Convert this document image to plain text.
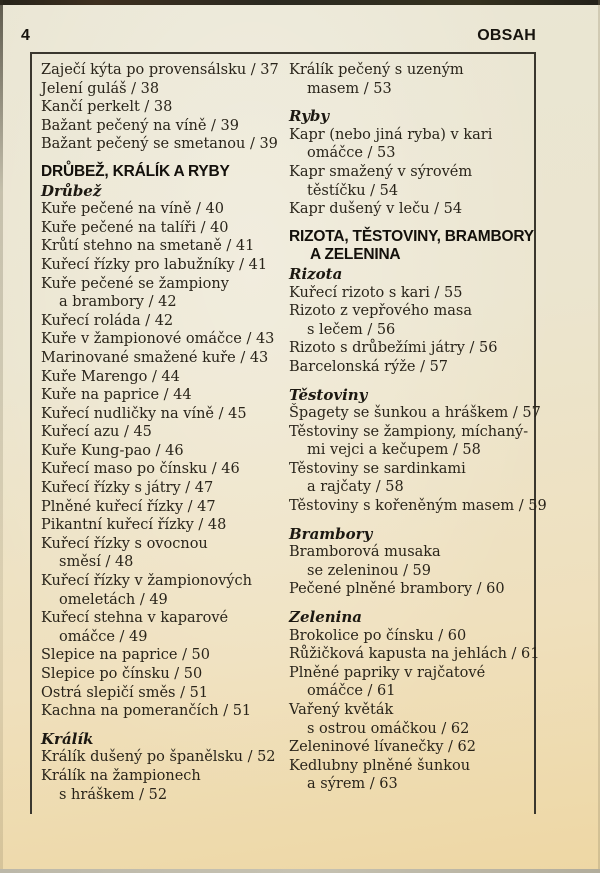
4	OBSAH
Zaječí kýta po provensálsku / 37
Jelení guláš / 38
Kančí perkelt / 38
Bažant pečený na víně / 39
Bažant pečený se smetanou / 39
DRŮBEŽ, KRÁLÍK A RYBY
Drůbež
Kuře pečené na víně / 40
Kuře pečené na talíři / 40
Krůtí stehno na smetaně / 41
Kuřecí řízky pro labužníky / 41
Kuře pečené se žampiony
a brambory / 42
Kuřecí roláda / 42
Kuře v žampionové omáčce / 43
Marinované smažené kuře / 43
Kuře Marengo / 44
Kuře na paprice / 44
Kuřecí nudličky na víně / 45
Kuřecí azu / 45
Kuře Kung-pao / 46
Kuřecí maso po čínsku / 46
Kuřecí řízky s játry / 47
Plněné kuřecí řízky / 47
Pikantní kuřecí řízky / 48
Kuřecí řízky s ovocnou
směsí / 48
Kuřecí řízky v žampionových
omeletách / 49
Kuřecí stehna v kaparové
omáčce / 49
Slepice na paprice / 50
Slepice po čínsku / 50
Ostrá slepičí směs / 51
Kachna na pomerančích / 51
Králík
Králík dušený po španělsku / 52
Králík na žampionech
s hráškem / 52
Králík pečený s uzeným
masem / 53
Ryby
Kapr (nebo jiná ryba) v kari
omáčce / 53
Kapr smažený v sýrovém
těstíčku / 54
Kapr dušený v leču / 54
RIZOTA, TĚSTOVINY, BRAMBORY
A ZELENINA
Rizota
Kuřecí rizoto s kari / 55
Rizoto z vepřového masa
s lečem / 56
Rizoto s drůbežími játry / 56
Barcelonská rýže / 57
Těstoviny
Špagety se šunkou a hráškem / 57
Těstoviny se žampiony, míchaný-
mi vejci a kečupem / 58
Těstoviny se sardinkami
a rajčaty / 58
Těstoviny s kořeněným masem / 59
Brambory
Bramborová musaka
se zeleninou / 59
Pečené plněné brambory / 60
Zelenina
Brokolice po čínsku / 60
Růžičková kapusta na jehlách / 61
Plněné papriky v rajčatové
omáčce / 61
Vařený květák
s ostrou omáčkou / 62
Zeleninové lívanečky / 62
Kedlubny plněné šunkou
a sýrem / 63
